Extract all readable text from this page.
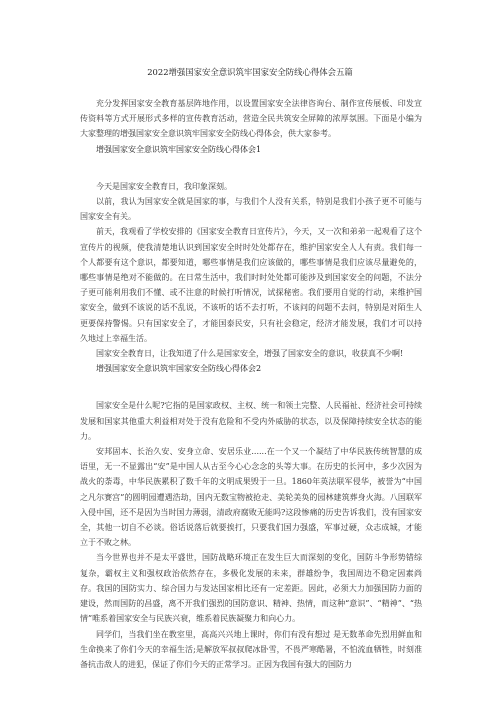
2022增强国家安全意识筑牢国家安全防线心得体会五篇

充分发挥国家安全教育基层阵地作用，以设置国家安全法律咨询台、制作宣传展板、印发宣传资料等方式开展形式多样的宣传教育活动，营造全民共筑安全屏障的浓厚氛围。下面是小编为大家整理的增强国家安全意识筑牢国家安全防线心得体会，供大家参考。

增强国家安全意识筑牢国家安全防线心得体会1

今天是国家安全教育日，我印象深刻。

以前，我认为国家安全就是国家的事，与我们个人没有关系，特别是我们小孩子更不可能与国家安全有关。

前天，我观看了学校安排的《国家安全教育日宣传片》，今天，又一次和弟弟一起观看了这个宣传片的视频，使我清楚地认识到国家安全时时处处都存在，维护国家安全人人有责。我们每一个人都要有这个意识，都要知道，哪些事情是我们应该做的，哪些事情是我们应该尽量避免的，哪些事情是绝对不能做的。在日常生活中，我们时时处处都可能涉及到国家安全的问题，不法分子更可能利用我们不懂、或不注意的时候打听情况，试探秘密。我们要用自觉的行动，来维护国家安全，做到不该说的话不乱说，不该听的话不去打听，不该问的问题不去问，特别是对陌生人更要保持警惕。只有国家安全了，才能国泰民安，只有社会稳定，经济才能发展，我们才可以持久地过上幸福生活。

国家安全教育日，让我知道了什么是国家安全，增强了国家安全的意识，收获真不少啊!

增强国家安全意识筑牢国家安全防线心得体会2

国家安全是什么呢?它指的是国家政权、主权、统一和领土完整、人民福祉、经济社会可持续发展和国家其他重大利益相对处于没有危险和不受内外威胁的状态，以及保障持续安全状态的能力。

安邦固本、长治久安、安身立命、安居乐业......在一个又一个凝结了中华民族传统智慧的成语里，无一不显露出“安”是中国人从古至今心心念念的头等大事。在历史的长河中，多少次因为战火的荼毒，中华民族累积了数千年的文明成果毁于一旦。1860年英法联军侵华，被誉为“中国之凡尔赛宫”的圆明园遭遇浩劫，国内无数宝物被抢走、美轮美奂的园林建筑葬身火海。八国联军入侵中国，还不是因为当时国力薄弱，清政府腐败无能吗?这段惨痛的历史告诉我们，没有国家安全，其他一切自不必谈。俗话说落后就要挨打，只要我们国力强盛，军事过硬，众志成城，才能立于不败之林。

当今世界也并不是太平盛世，国防战略环境正在发生巨大而深刻的变化，国防斗争形势错综复杂，霸权主义和强权政治依然存在，多极化发展的未来，群雄纷争，我国周边不稳定因素尚存。我国的国防实力、综合国力与发达国家相比还有一定差距。因此，必须大力加强国防力面的建设，然而国防的昌盛，离不开我们强烈的国防意识、精神、热情，而这种“意识”、“精神”、“热情”唯系着国家安全与民族兴衰，维系着民族凝聚力和向心力。

同学们，当我们坐在教室里，高高兴兴地上课时，你们有没有想过 是无数革命先烈用鲜血和生命换来了你们今天的幸福生活;是解放军叔叔爬冰卧雪，不畏严寒酷暑，不怕流血牺牲，时刻准备抗击敌人的进犯，保证了你们今天的正常学习。正因为我国有强大的国防力
